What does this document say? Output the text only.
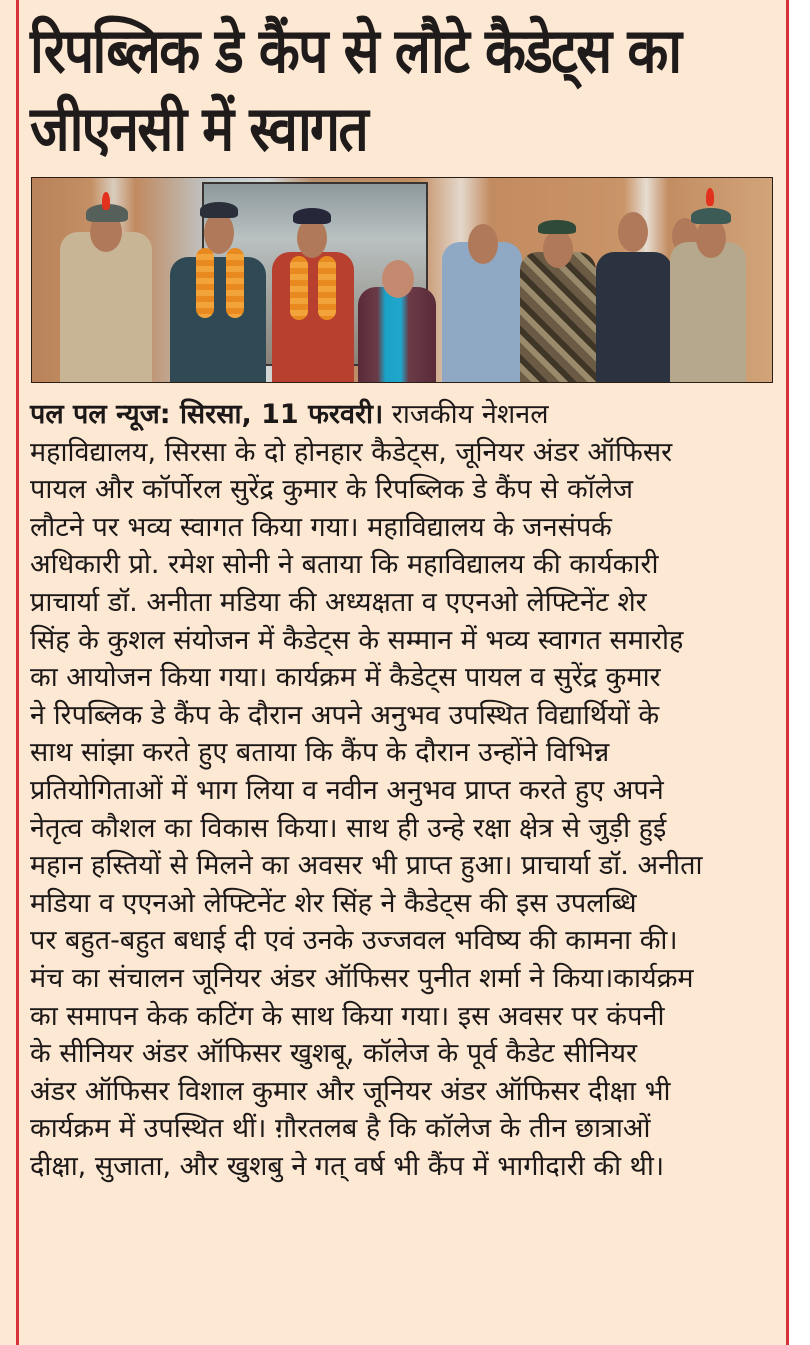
रिपब्लिक डे कैंप से लौटे कैडेट्स का
जीएनसी में स्वागत
पल पल न्यूज: सिरसा, 11 फरवरी। राजकीय नेशनल
महाविद्यालय, सिरसा के दो होनहार कैडेट्स, जूनियर अंडर ऑफिसर
पायल और कॉर्पोरल सुरेंद्र कुमार के रिपब्लिक डे कैंप से कॉलेज
लौटने पर भव्य स्वागत किया गया। महाविद्यालय के जनसंपर्क
अधिकारी प्रो. रमेश सोनी ने बताया कि महाविद्यालय की कार्यकारी
प्राचार्या डॉ. अनीता मडिया की अध्यक्षता व एएनओ लेफ्टिनेंट शेर
सिंह के कुशल संयोजन में कैडेट्स के सम्मान में भव्य स्वागत समारोह
का आयोजन किया गया। कार्यक्रम में कैडेट्स पायल व सुरेंद्र कुमार
ने रिपब्लिक डे कैंप के दौरान अपने अनुभव उपस्थित विद्यार्थियों के
साथ सांझा करते हुए बताया कि कैंप के दौरान उन्होंने विभिन्न
प्रतियोगिताओं में भाग लिया व नवीन अनुभव प्राप्त करते हुए अपने
नेतृत्व कौशल का विकास किया। साथ ही उन्हे रक्षा क्षेत्र से जुड़ी हुई
महान हस्तियों से मिलने का अवसर भी प्राप्त हुआ। प्राचार्या डॉ. अनीता
मडिया व एएनओ लेफ्टिनेंट शेर सिंह ने कैडेट्स की इस उपलब्धि
पर बहुत-बहुत बधाई दी एवं उनके उज्जवल भविष्य की कामना की।
मंच का संचालन जूनियर अंडर ऑफिसर पुनीत शर्मा ने किया।कार्यक्रम
का समापन केक कटिंग के साथ किया गया। इस अवसर पर कंपनी
के सीनियर अंडर ऑफिसर खुशबू, कॉलेज के पूर्व कैडेट सीनियर
अंडर ऑफिसर विशाल कुमार और जूनियर अंडर ऑफिसर दीक्षा भी
कार्यक्रम में उपस्थित थीं। ग़ौरतलब है कि कॉलेज के तीन छात्राओं
दीक्षा, सुजाता, और खुशबु ने गत् वर्ष भी कैंप में भागीदारी की थी।
